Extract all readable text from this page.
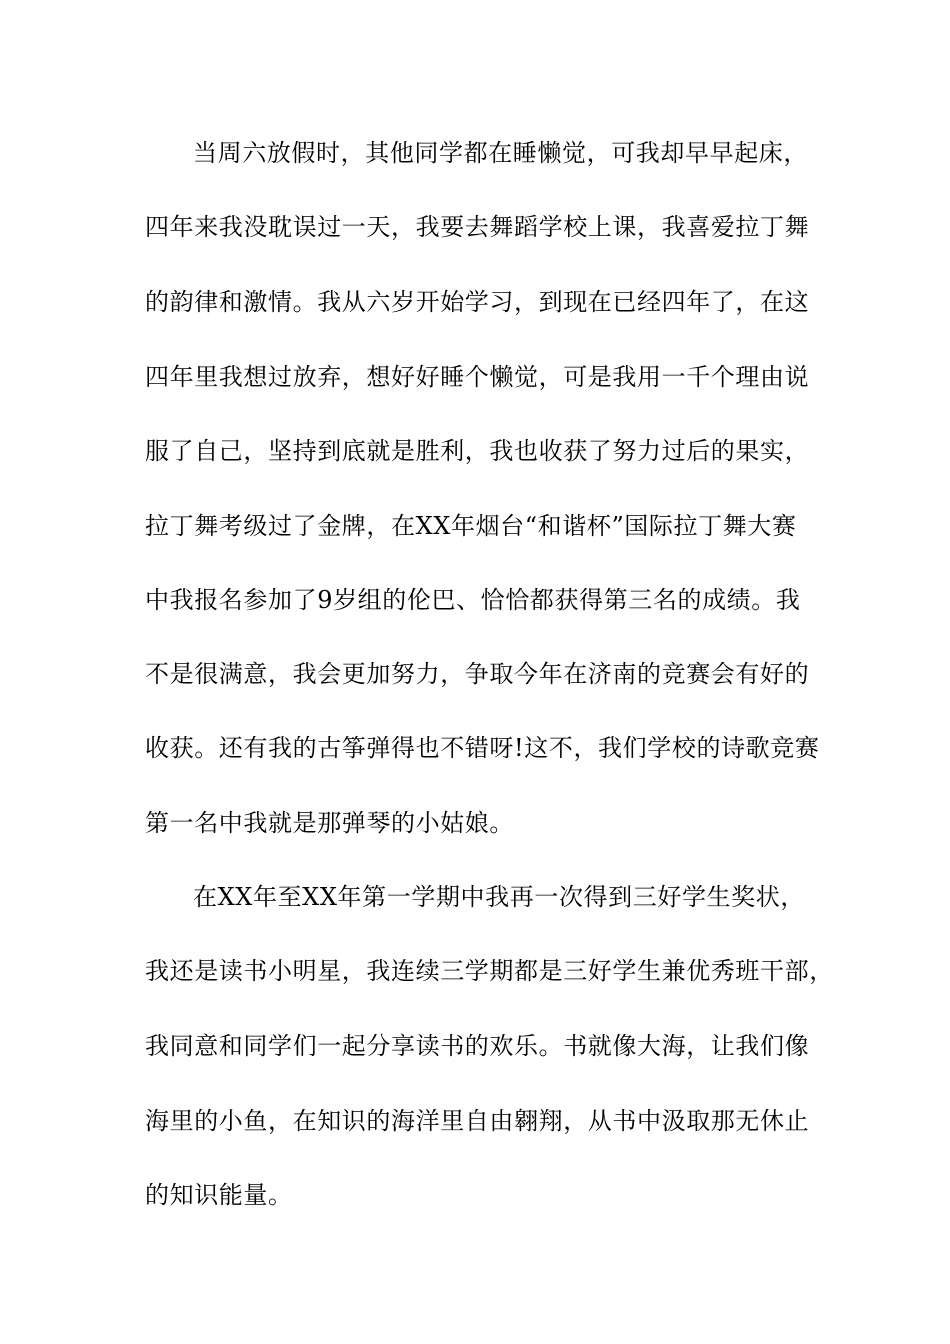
当周六放假时，其他同学都在睡懒觉，可我却早早起床，
四年来我没耽误过一天，我要去舞蹈学校上课，我喜爱拉丁舞
的韵律和激情。我从六岁开始学习，到现在已经四年了，在这
四年里我想过放弃，想好好睡个懒觉，可是我用一千个理由说
服了自己，坚持到底就是胜利，我也收获了努力过后的果实，
拉丁舞考级过了金牌，在XX年烟台“和谐杯”国际拉丁舞大赛
中我报名参加了9岁组的伦巴、恰恰都获得第三名的成绩。我
不是很满意，我会更加努力，争取今年在济南的竞赛会有好的
收获。还有我的古筝弹得也不错呀!这不，我们学校的诗歌竞赛
第一名中我就是那弹琴的小姑娘。
在XX年至XX年第一学期中我再一次得到三好学生奖状，
我还是读书小明星，我连续三学期都是三好学生兼优秀班干部，
我同意和同学们一起分享读书的欢乐。书就像大海，让我们像
海里的小鱼，在知识的海洋里自由翱翔，从书中汲取那无休止
的知识能量。
